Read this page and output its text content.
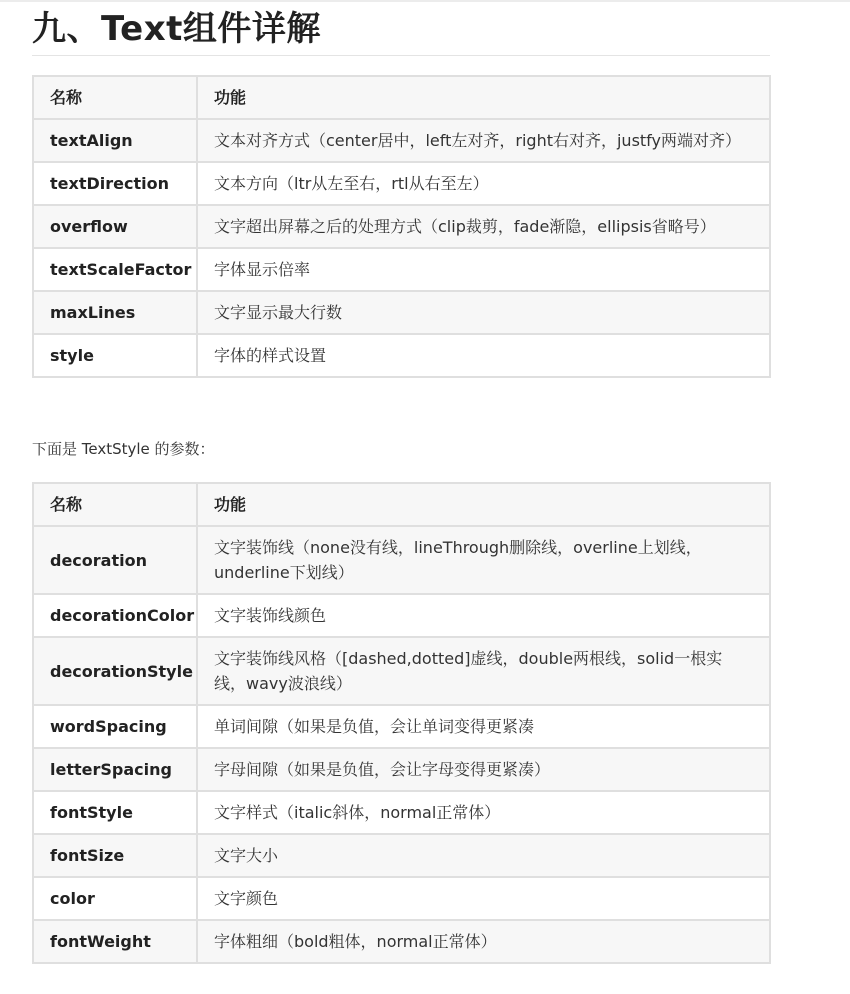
九、Text组件详解
名称	功能
textAlign	文本对齐方式（center居中，left左对齐，right右对齐，justfy两端对齐）
textDirection	文本方向（ltr从左至右，rtl从右至左）
overflow	文字超出屏幕之后的处理方式（clip裁剪，fade渐隐，ellipsis省略号）
textScaleFactor	字体显示倍率
maxLines	文字显示最大行数
style	字体的样式设置

下面是 TextStyle 的参数：

名称	功能
decoration	文字装饰线（none没有线，lineThrough删除线，overline上划线，underline下划线）
decorationColor	文字装饰线颜色
decorationStyle	文字装饰线风格（[dashed,dotted]虚线，double两根线，solid一根实线，wavy波浪线）
wordSpacing	单词间隙（如果是负值，会让单词变得更紧凑
letterSpacing	字母间隙（如果是负值，会让字母变得更紧凑）
fontStyle	文字样式（italic斜体，normal正常体）
fontSize	文字大小
color	文字颜色
fontWeight	字体粗细（bold粗体，normal正常体）
